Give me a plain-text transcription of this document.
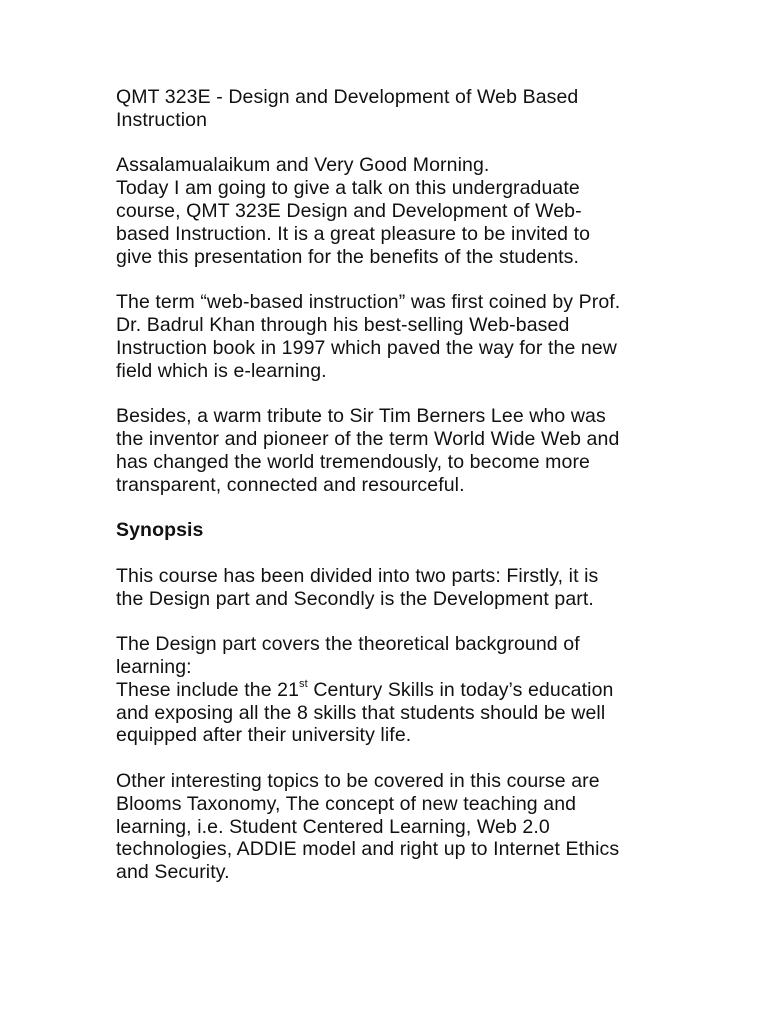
QMT 323E - Design and Development of Web Based
Instruction

Assalamualaikum and Very Good Morning.

Today I am going to give a talk on this undergraduate
course, QMT 323E Design and Development of Web-
based Instruction. It is a great pleasure to be invited to
give this presentation for the benefits of the students.

The term “web-based instruction” was first coined by Prof.
Dr. Badrul Khan through his best-selling Web-based
Instruction book in 1997 which paved the way for the new
field which is e-learning.

Besides, a warm tribute to Sir Tim Berners Lee who was
the inventor and pioneer of the term World Wide Web and
has changed the world tremendously, to become more
transparent, connected and resourceful.

Synopsis

This course has been divided into two parts: Firstly, it is
the Design part and Secondly is the Development part.

The Design part covers the theoretical background of
learning:

These include the 21st Century Skills in today’s education

and exposing all the 8 skills that students should be well
equipped after their university life.

Other interesting topics to be covered in this course are
Blooms Taxonomy, The concept of new teaching and
learning, i.e. Student Centered Learning, Web 2.0
technologies, ADDIE model and right up to Internet Ethics
and Security.
